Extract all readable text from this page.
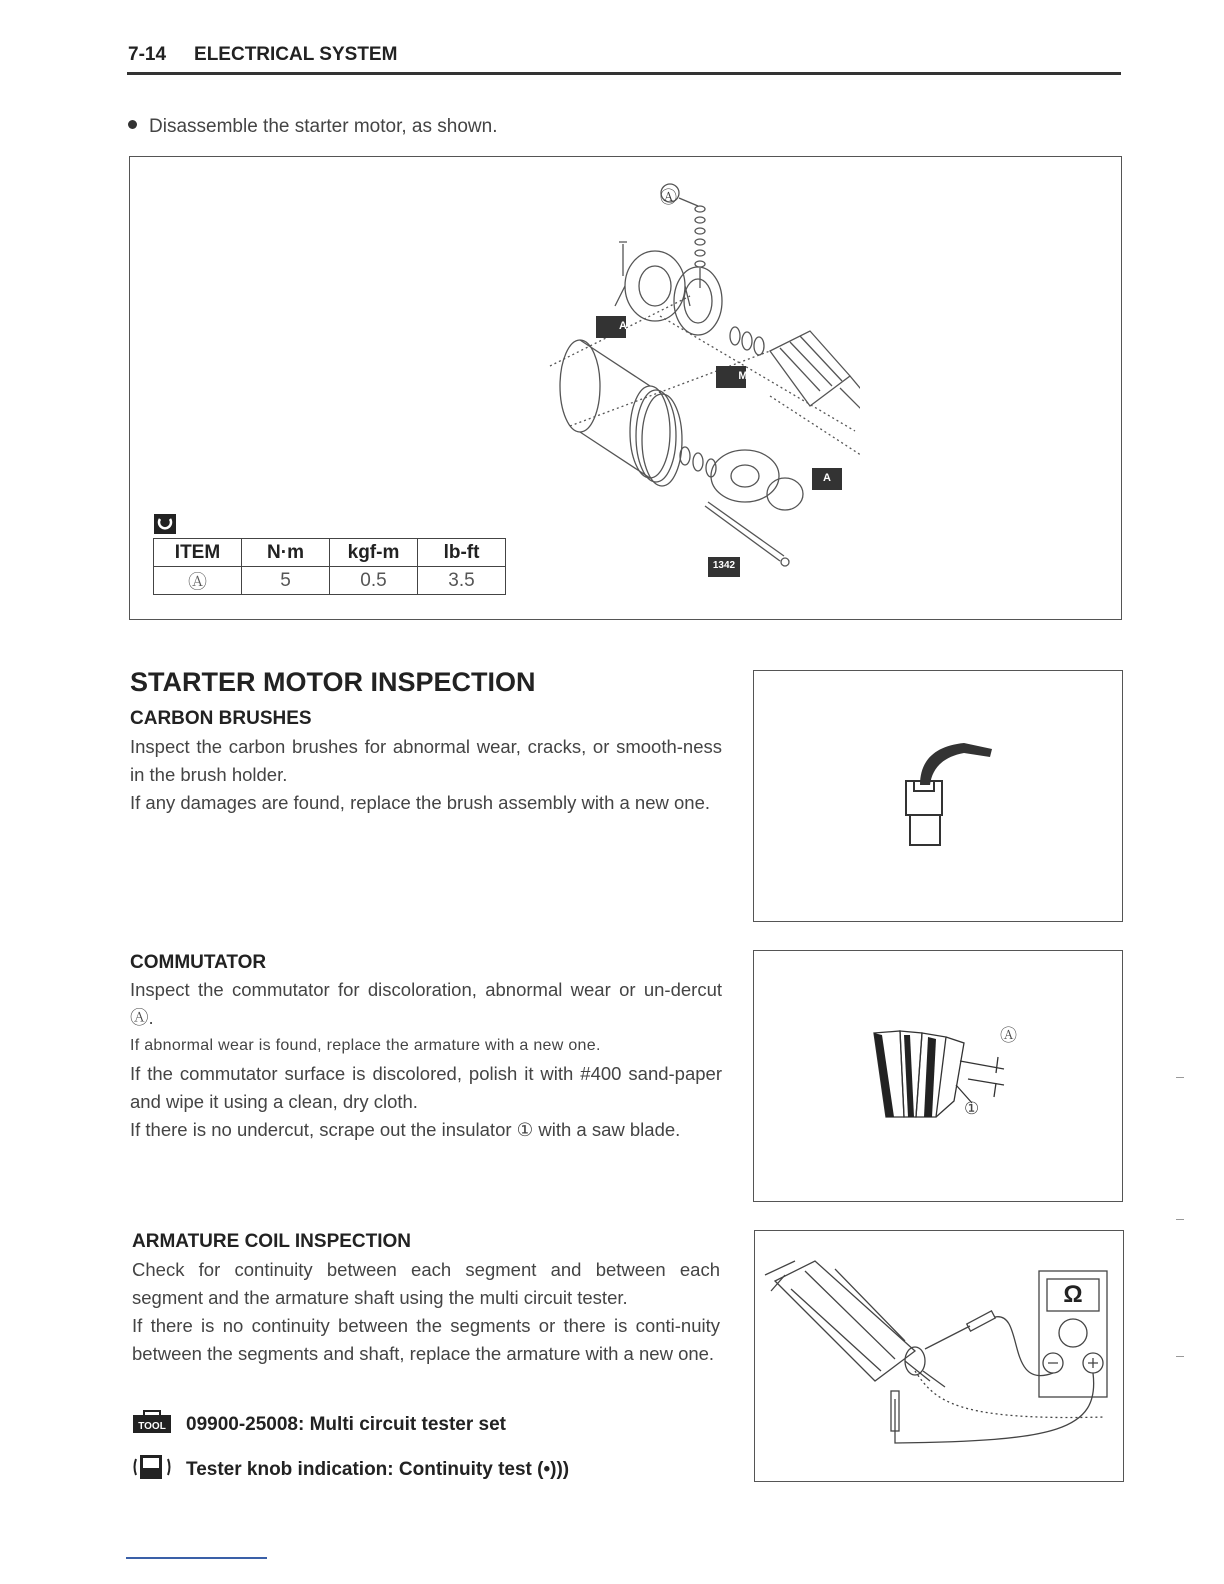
7-14 ELECTRICAL SYSTEM
Disassemble the starter motor, as shown.
Ⓐ
A
M
A
1342
ITEM	N·m	kgf-m	lb-ft
Ⓐ	5	0.5	3.5
STARTER MOTOR INSPECTION
CARBON BRUSHES

Inspect the carbon brushes for abnormal wear, cracks, or smooth-ness in the brush holder.

If any damages are found, replace the brush assembly with a new one.

COMMUTATOR

Inspect the commutator for discoloration, abnormal wear or un-dercut Ⓐ.

If abnormal wear is found, replace the armature with a new one.

If the commutator surface is discolored, polish it with #400 sand-paper and wipe it using a clean, dry cloth.

If there is no undercut, scrape out the insulator ① with a saw blade.

Ⓐ
①
ARMATURE COIL INSPECTION

Check for continuity between each segment and between each segment and the armature shaft using the multi circuit tester.

If there is no continuity between the segments or there is conti-nuity between the segments and shaft, replace the armature with a new one.

TOOL 09900-25008: Multi circuit tester set
Tester knob indication: Continuity test (•)))
Ω
